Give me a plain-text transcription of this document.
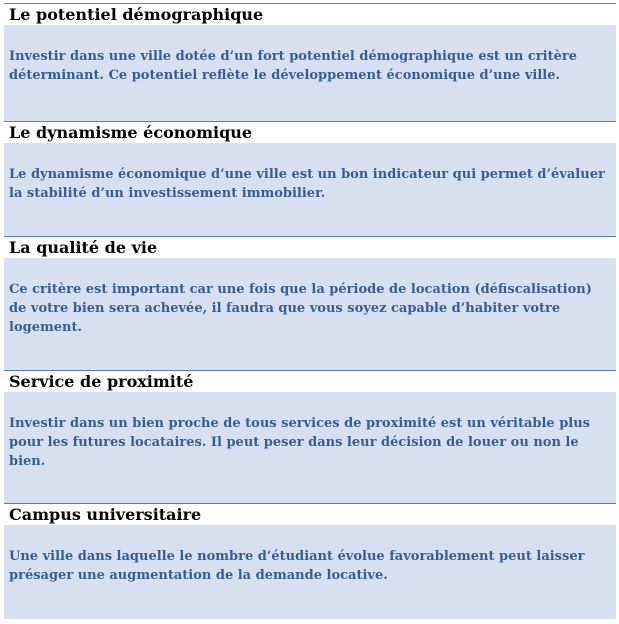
Le potentiel démographique

Investir dans une ville dotée d’un fort potentiel démographique est un critère

déterminant. Ce potentiel reflète le développement économique d’une ville.

Le dynamisme économique

Le dynamisme économique d’une ville est un bon indicateur qui permet d’évaluer

la stabilité d’un investissement immobilier.

La qualité de vie

Ce critère est important car une fois que la période de location (défiscalisation)

de votre bien sera achevée, il faudra que vous soyez capable d’habiter votre

logement.

Service de proximité

Investir dans un bien proche de tous services de proximité est un véritable plus

pour les futures locataires. Il peut peser dans leur décision de louer ou non le

bien.

Campus universitaire

Une ville dans laquelle le nombre d’étudiant évolue favorablement peut laisser

présager une augmentation de la demande locative.
